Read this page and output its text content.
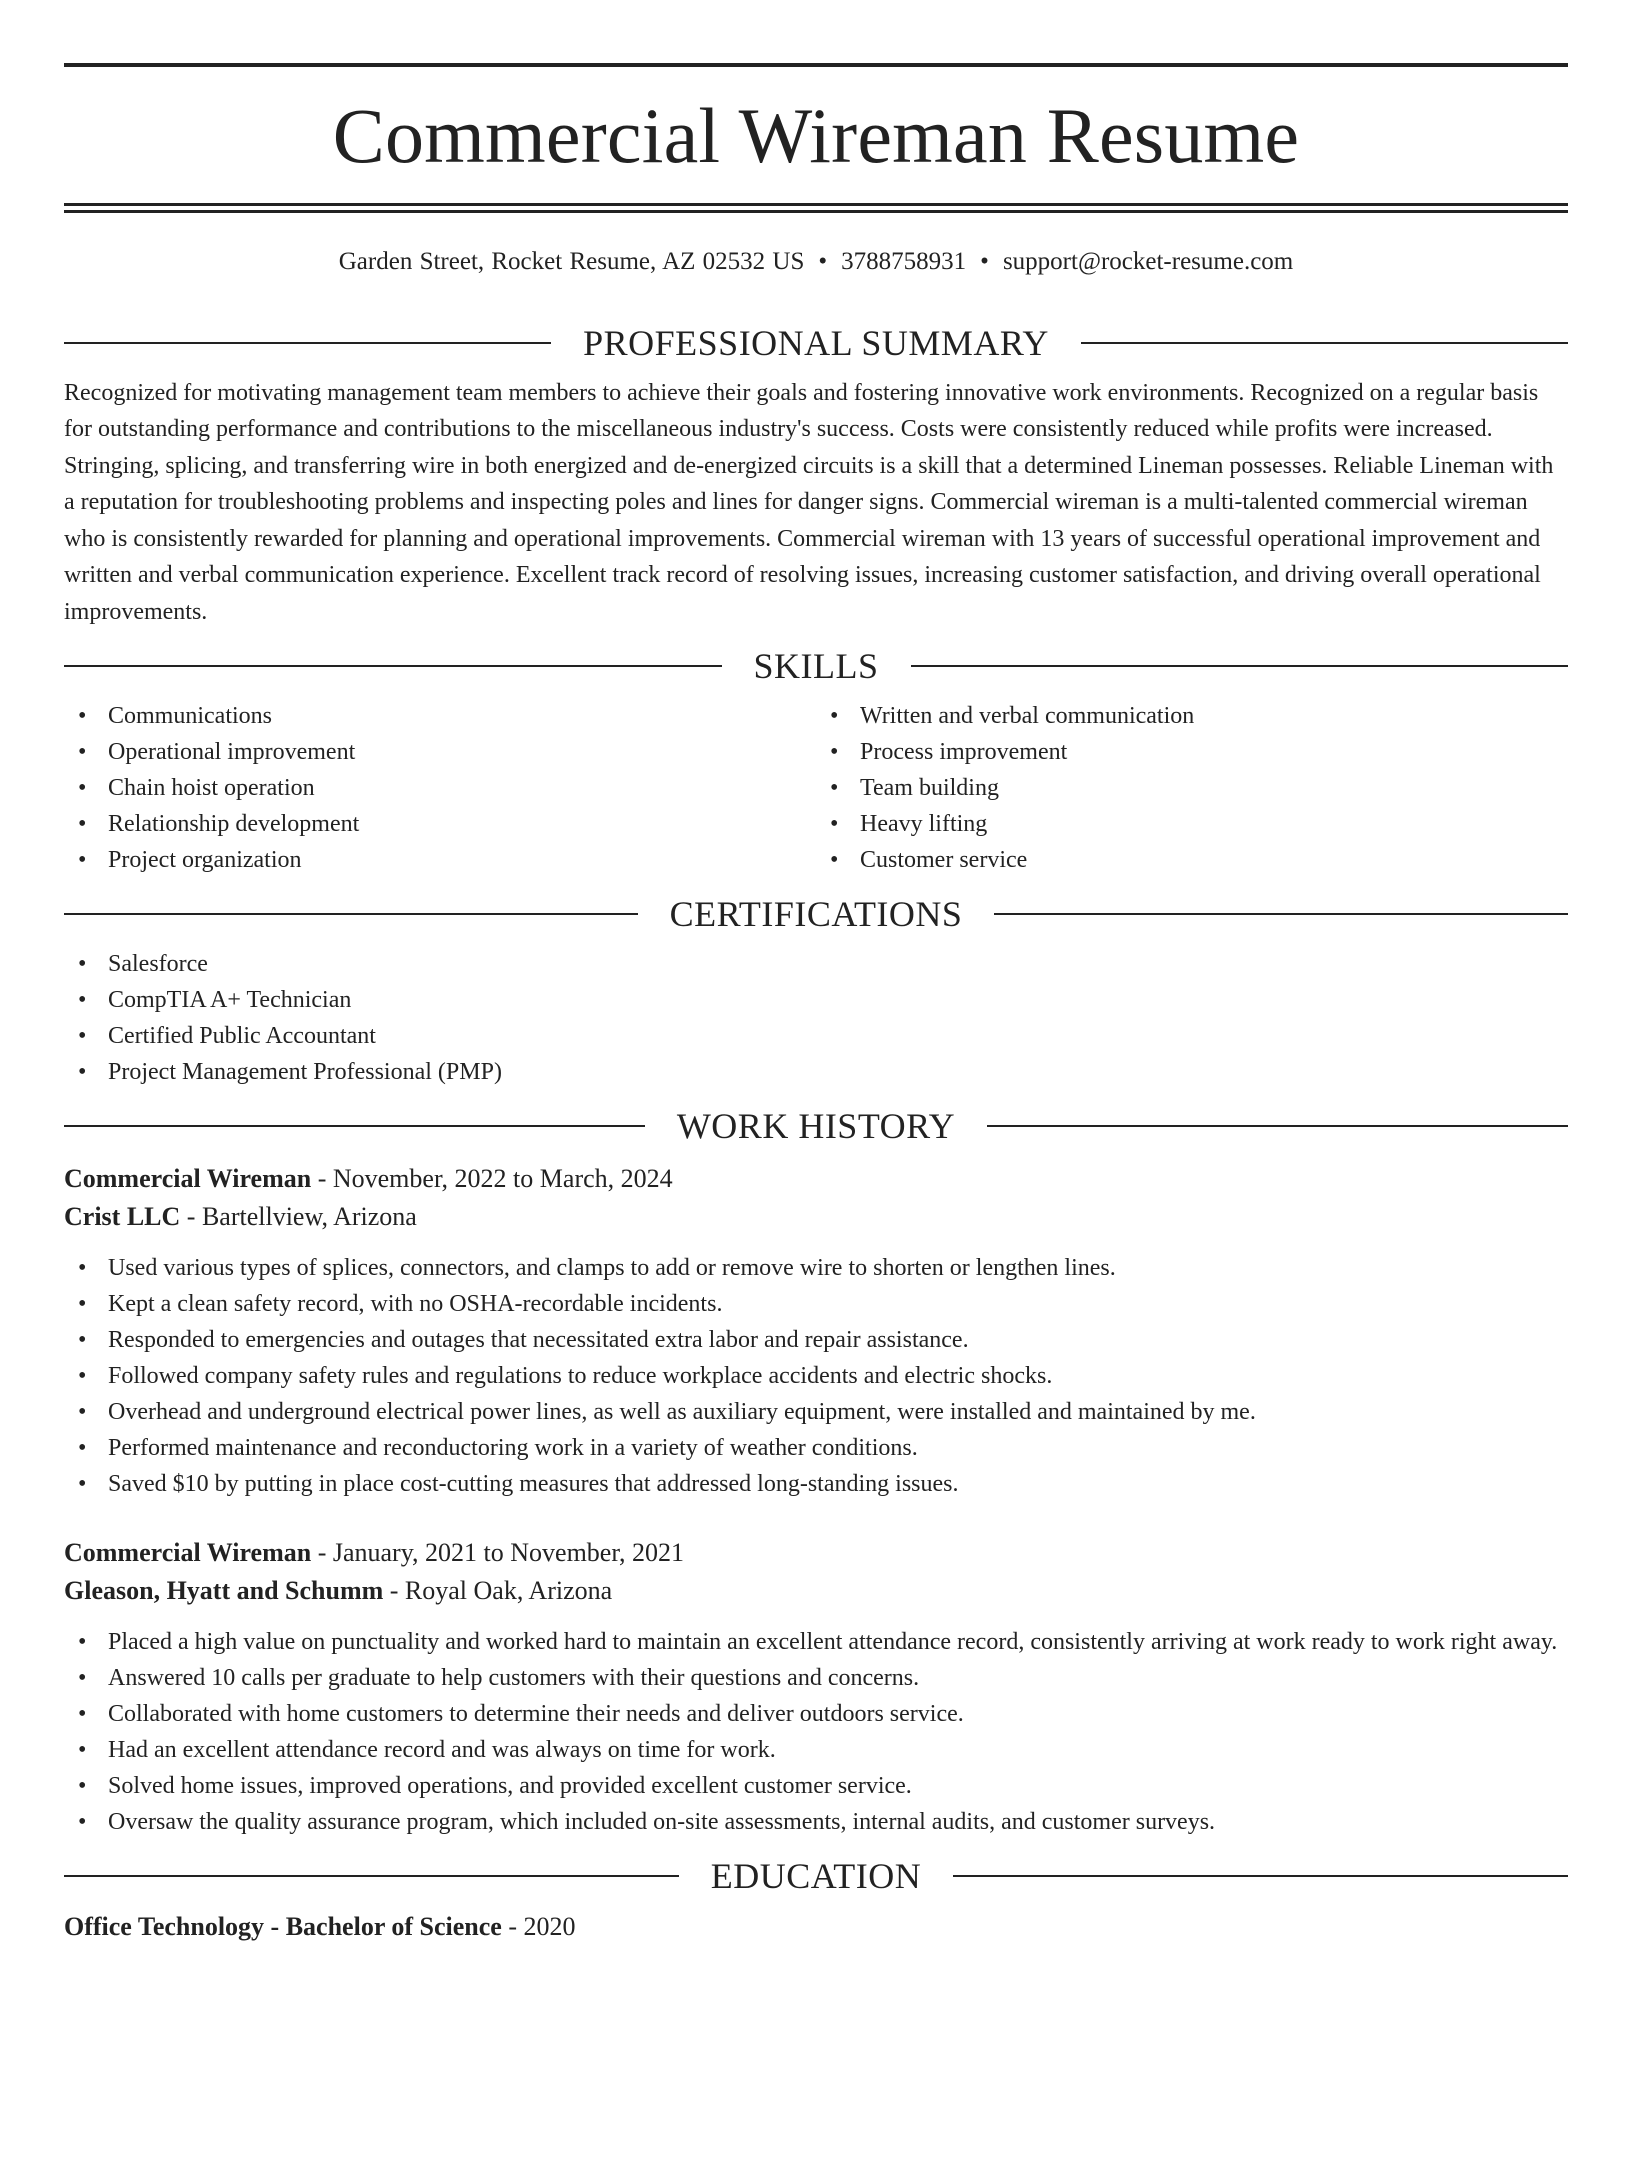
Commercial Wireman Resume
Garden Street, Rocket Resume, AZ 02532 US • 3788758931 • support@rocket-resume.com
PROFESSIONAL SUMMARY

Recognized for motivating management team members to achieve their goals and fostering innovative work environments. Recognized on a regular basis for outstanding performance and contributions to the miscellaneous industry's success. Costs were consistently reduced while profits were increased. Stringing, splicing, and transferring wire in both energized and de-energized circuits is a skill that a determined Lineman possesses. Reliable Lineman with a reputation for troubleshooting problems and inspecting poles and lines for danger signs. Commercial wireman is a multi-talented commercial wireman who is consistently rewarded for planning and operational improvements. Commercial wireman with 13 years of successful operational improvement and written and verbal communication experience. Excellent track record of resolving issues, increasing customer satisfaction, and driving overall operational improvements.

SKILLS
• Communications
• Operational improvement
• Chain hoist operation
• Relationship development
• Project organization
• Written and verbal communication
• Process improvement
• Team building
• Heavy lifting
• Customer service
CERTIFICATIONS
• Salesforce
• CompTIA A+ Technician
• Certified Public Accountant
• Project Management Professional (PMP)
WORK HISTORY
Commercial Wireman - November, 2022 to March, 2024
Crist LLC - Bartellview, Arizona
• Used various types of splices, connectors, and clamps to add or remove wire to shorten or lengthen lines.
• Kept a clean safety record, with no OSHA-recordable incidents.
• Responded to emergencies and outages that necessitated extra labor and repair assistance.
• Followed company safety rules and regulations to reduce workplace accidents and electric shocks.
• Overhead and underground electrical power lines, as well as auxiliary equipment, were installed and maintained by me.
• Performed maintenance and reconductoring work in a variety of weather conditions.
• Saved $10 by putting in place cost-cutting measures that addressed long-standing issues.
Commercial Wireman - January, 2021 to November, 2021
Gleason, Hyatt and Schumm - Royal Oak, Arizona
• Placed a high value on punctuality and worked hard to maintain an excellent attendance record, consistently arriving at work ready to work right away.
• Answered 10 calls per graduate to help customers with their questions and concerns.
• Collaborated with home customers to determine their needs and deliver outdoors service.
• Had an excellent attendance record and was always on time for work.
• Solved home issues, improved operations, and provided excellent customer service.
• Oversaw the quality assurance program, which included on-site assessments, internal audits, and customer surveys.
EDUCATION
Office Technology - Bachelor of Science - 2020
